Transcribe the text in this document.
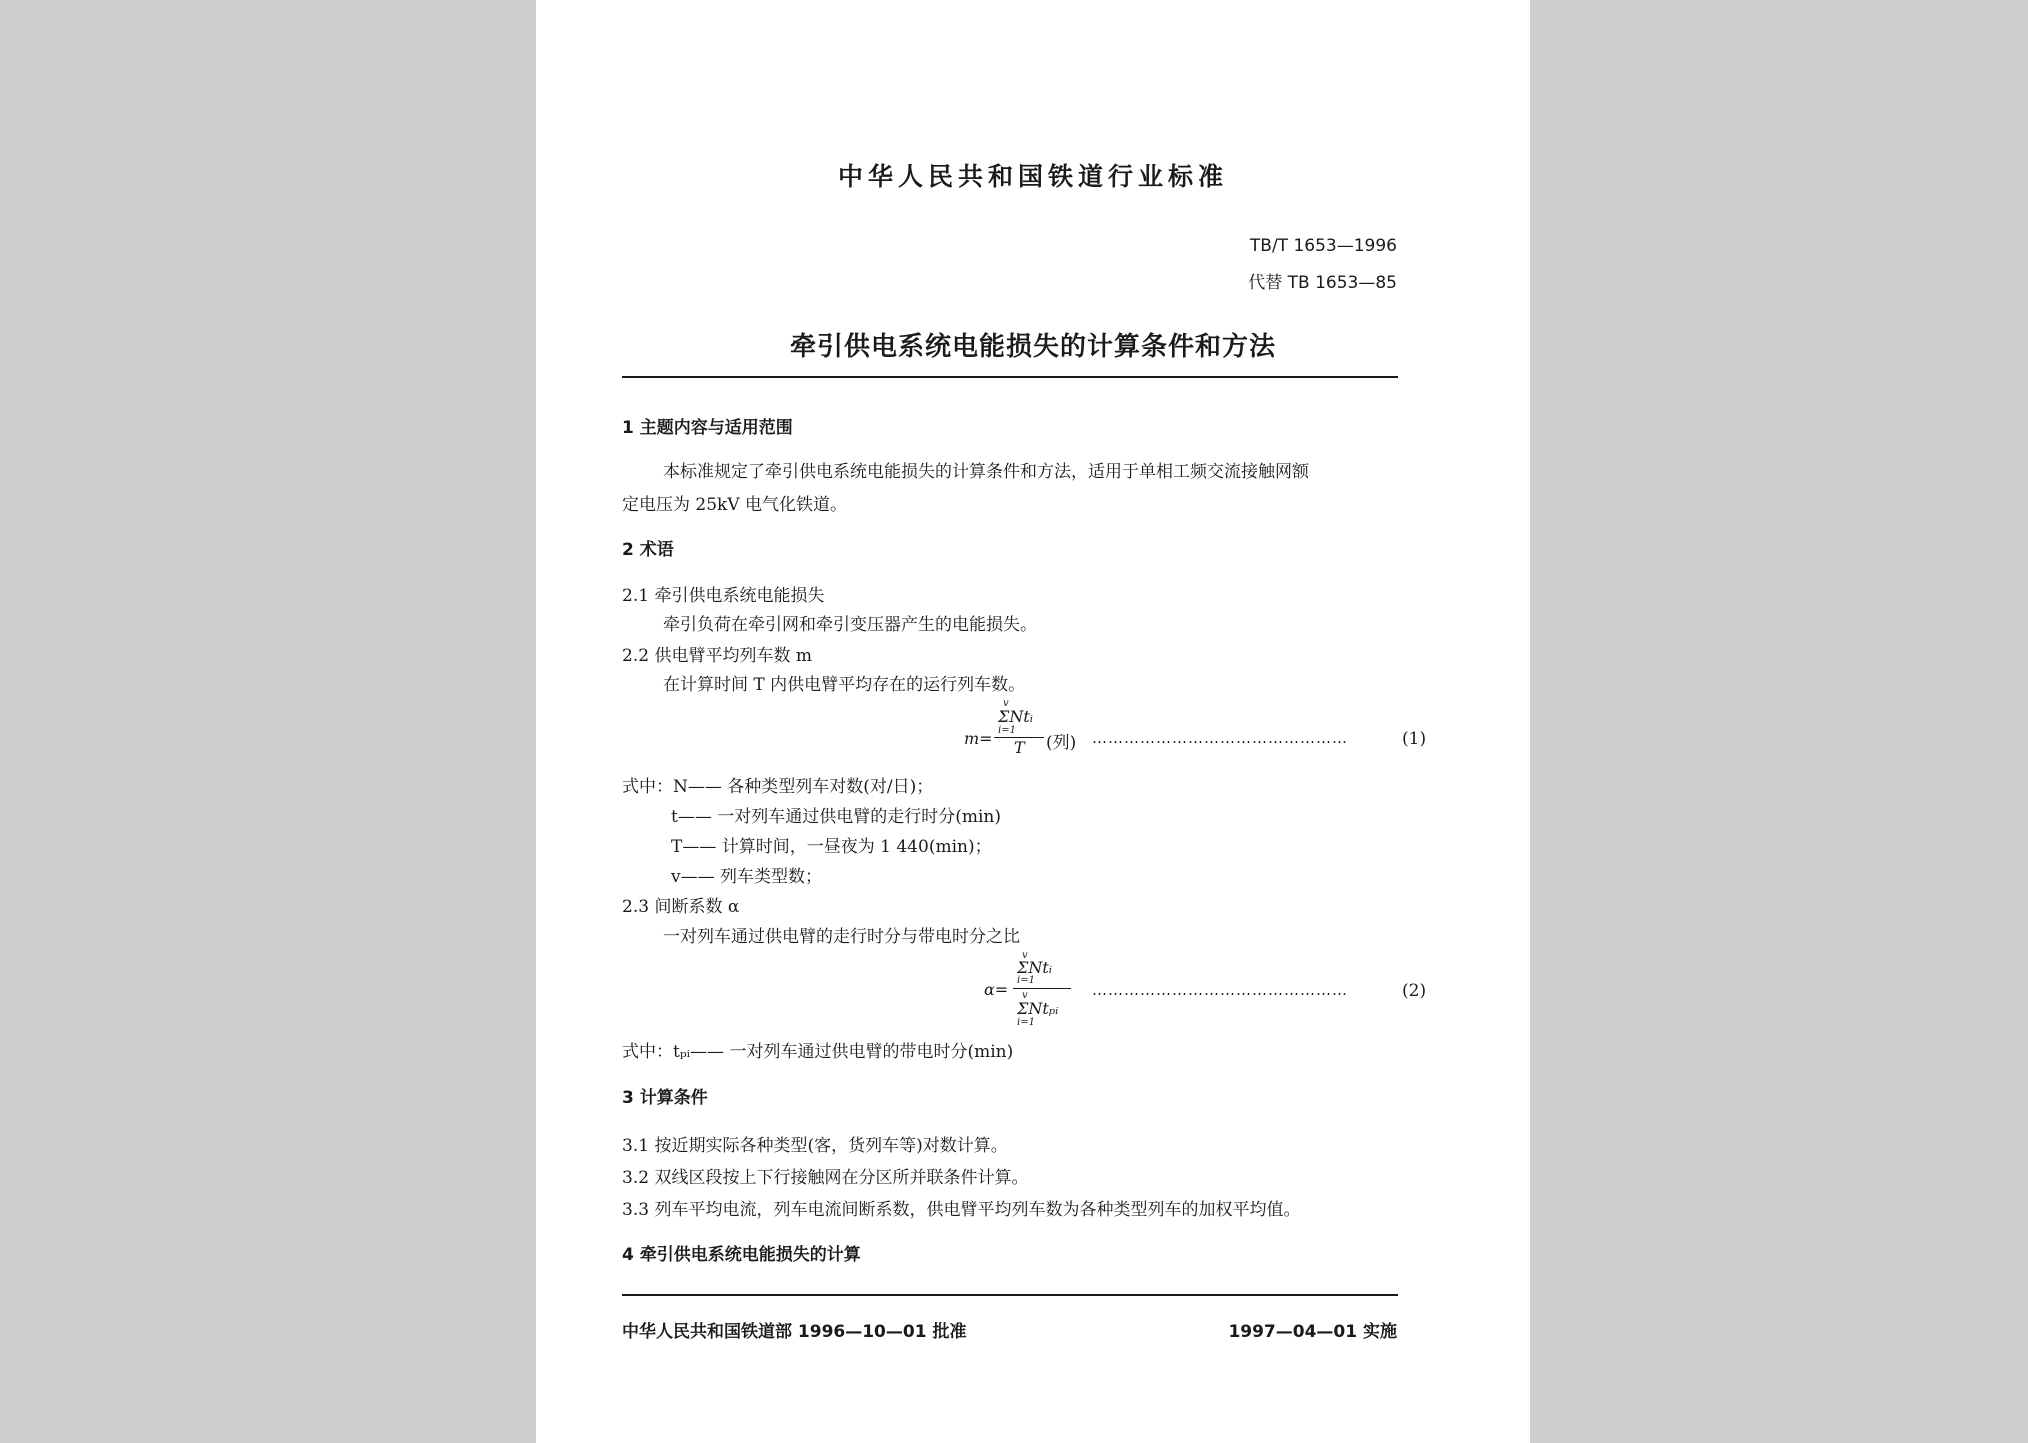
中华人民共和国铁道行业标准
TB/T 1653—1996
代替 TB 1653—85
牵引供电系统电能损失的计算条件和方法
1 主题内容与适用范围
本标准规定了牵引供电系统电能损失的计算条件和方法，适用于单相工频交流接触网额
定电压为 25kV 电气化铁道。
2 术语
2.1 牵引供电系统电能损失
牵引负荷在牵引网和牵引变压器产生的电能损失。
2.2 供电臂平均列车数 m
在计算时间 T 内供电臂平均存在的运行列车数。
v
ΣNtᵢ
i=1
T
m=	(列) …………………………………………	(1)
式中：N—— 各种类型列车对数(对/日)；
t—— 一对列车通过供电臂的走行时分(min)
T—— 计算时间，一昼夜为 1 440(min)；
v—— 列车类型数；
2.3 间断系数 α
一对列车通过供电臂的走行时分与带电时分之比
v
ΣNtᵢ
i=1
v
ΣNtₚᵢ
i=1
α=	…………………………………………	(2)
式中：tₚᵢ—— 一对列车通过供电臂的带电时分(min)
3 计算条件
3.1 按近期实际各种类型(客，货列车等)对数计算。
3.2 双线区段按上下行接触网在分区所并联条件计算。
3.3 列车平均电流，列车电流间断系数，供电臂平均列车数为各种类型列车的加权平均值。
4 牵引供电系统电能损失的计算
中华人民共和国铁道部 1996—10—01 批准	1997—04—01 实施
